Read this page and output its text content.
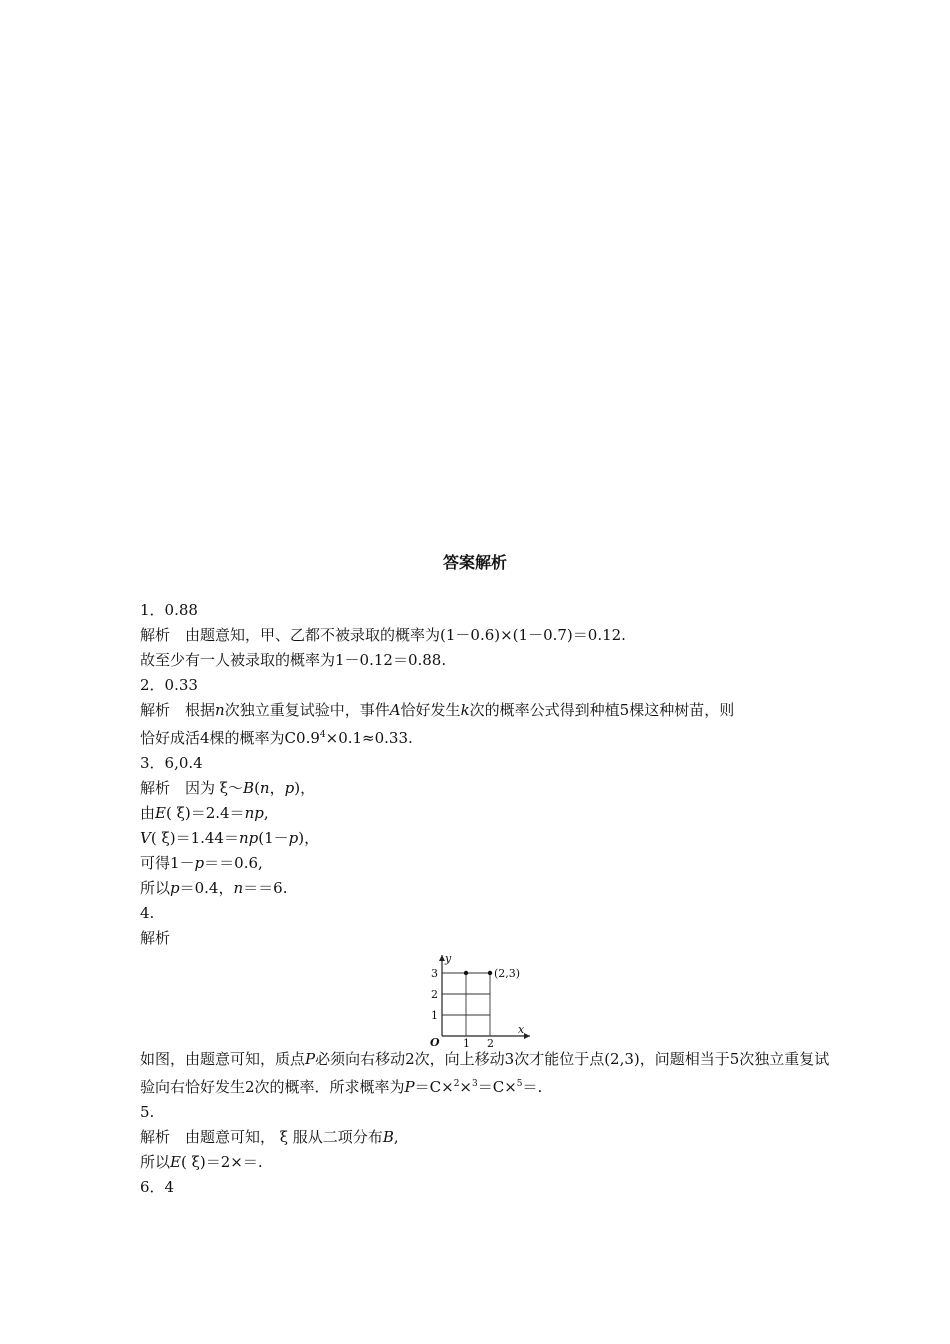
答案解析
1．0.88
解析　由题意知，甲、乙都不被录取的概率为(1－0.6)×(1－0.7)＝0.12.
故至少有一人被录取的概率为1－0.12＝0.88.
2．0.33
解析　根据n次独立重复试验中，事件A恰好发生k次的概率公式得到种植5棵这种树苗，则
恰好成活4棵的概率为$C0.9^4\times 0.1\approx 0.33$.
3．6,0.4
解析　因为 ξ～B(n，p)，
由E( ξ)＝2.4＝np,
V( ξ)＝1.44＝np(1－p)，
可得1－p＝＝0.6,
所以p＝0.4，n＝＝6.
4.
解析
y
x
O 1 2
1
2
3	(2,3)
如图，由题意可知，质点P必须向右移动2次，向上移动3次才能位于点(2,3)，问题相当于5次独立重复试验向右恰好发生2次的概率．所求概率为P＝C×$^2$×$^3$＝C×$^5$＝.
5.
解析　由题意可知， ξ 服从二项分布B,
所以E( ξ)＝2×＝.
6．4
